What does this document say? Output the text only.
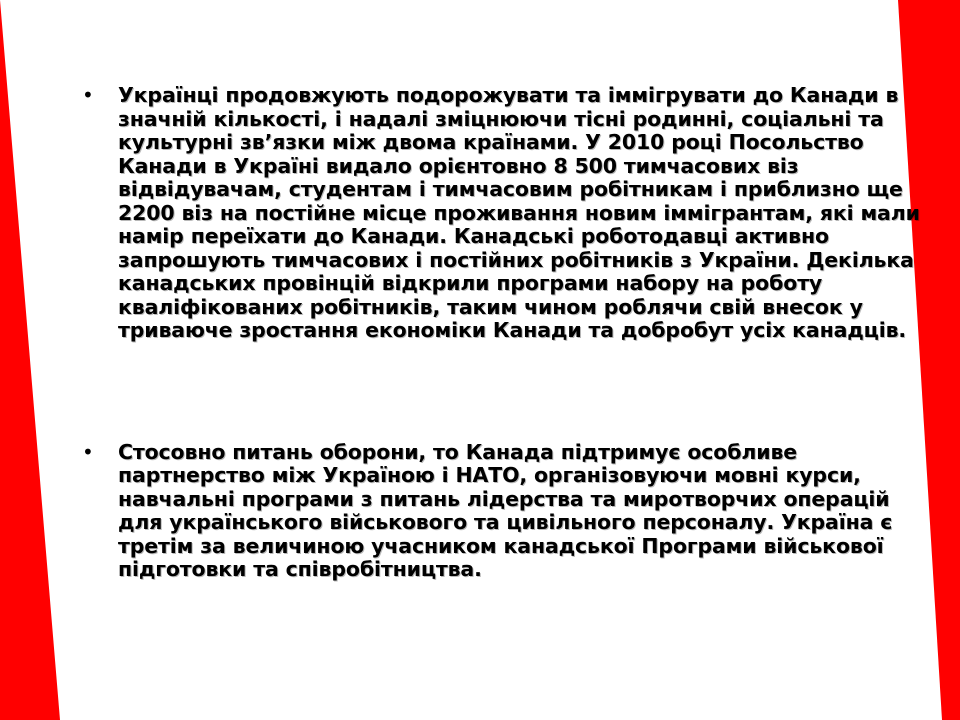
•	Українці продовжують подорожувати та іммігрувати до Канади в значній кількості, і надалі зміцнюючи тісні родинні, соціальні та культурні зв’язки між двома країнами. У 2010 році Посольство Канади в Україні видало орієнтовно 8 500 тимчасових віз відвідувачам, студентам і тимчасовим робітникам і приблизно ще 2200 віз на постійне місце проживання новим іммігрантам, які мали намір переїхати до Канади. Канадські роботодавці активно запрошують тимчасових і постійних робітників з України. Декілька канадських провінцій відкрили програми набору на роботу кваліфікованих робітників, таким чином роблячи свій внесок у триваюче зростання економіки Канади та добробут усіх канадців.
•	Стосовно питань оборони, то Канада підтримує особливе партнерство між Україною і НАТО, організовуючи мовні курси, навчальні програми з питань лідерства та миротворчих операцій для українського військового та цивільного персоналу. Україна є третім за величиною учасником канадської Програми військової підготовки та співробітництва.
